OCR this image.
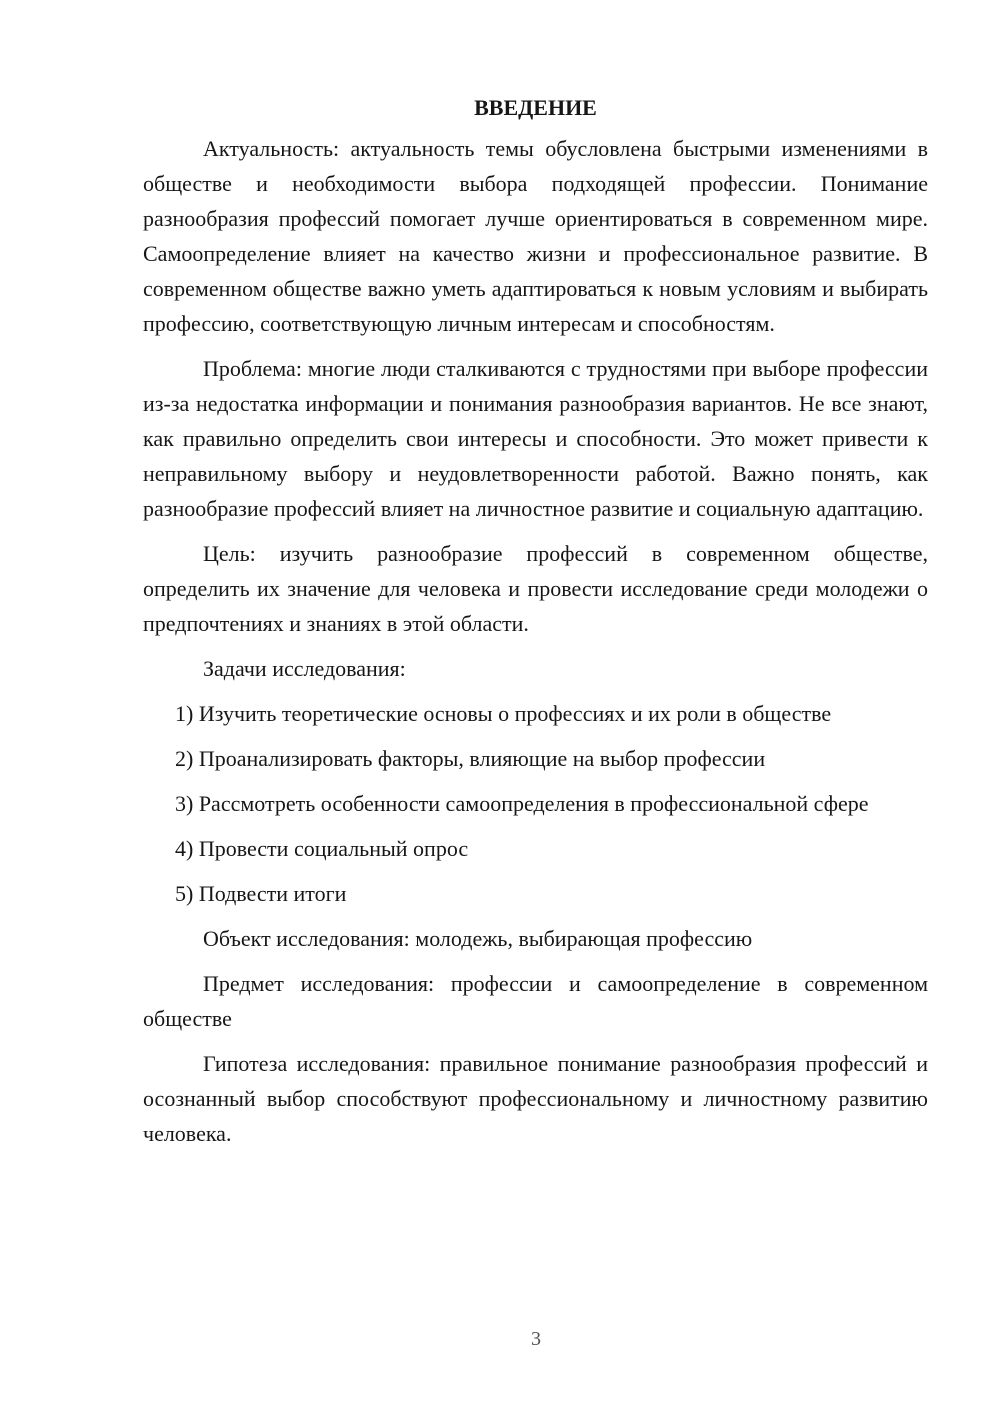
ВВЕДЕНИЕ

Актуальность: актуальность темы обусловлена быстрыми изменениями в обществе и необходимости выбора подходящей профессии. Понимание разнообразия профессий помогает лучше ориентироваться в современном мире. Самоопределение влияет на качество жизни и профессиональное развитие. В современном обществе важно уметь адаптироваться к новым условиям и выбирать профессию, соответствующую личным интересам и способностям.

Проблема: многие люди сталкиваются с трудностями при выборе профессии из-за недостатка информации и понимания разнообразия вариантов. Не все знают, как правильно определить свои интересы и способности. Это может привести к неправильному выбору и неудовлетворенности работой. Важно понять, как разнообразие профессий влияет на личностное развитие и социальную адаптацию.

Цель: изучить разнообразие профессий в современном обществе, определить их значение для человека и провести исследование среди молодежи о предпочтениях и знаниях в этой области.

Задачи исследования:

1) Изучить теоретические основы о профессиях и их роли в обществе

2) Проанализировать факторы, влияющие на выбор профессии

3) Рассмотреть особенности самоопределения в профессиональной сфере

4) Провести социальный опрос

5) Подвести итоги

Объект исследования: молодежь, выбирающая профессию

Предмет исследования: профессии и самоопределение в современном обществе

Гипотеза исследования: правильное понимание разнообразия профессий и осознанный выбор способствуют профессиональному и личностному развитию человека.

3
